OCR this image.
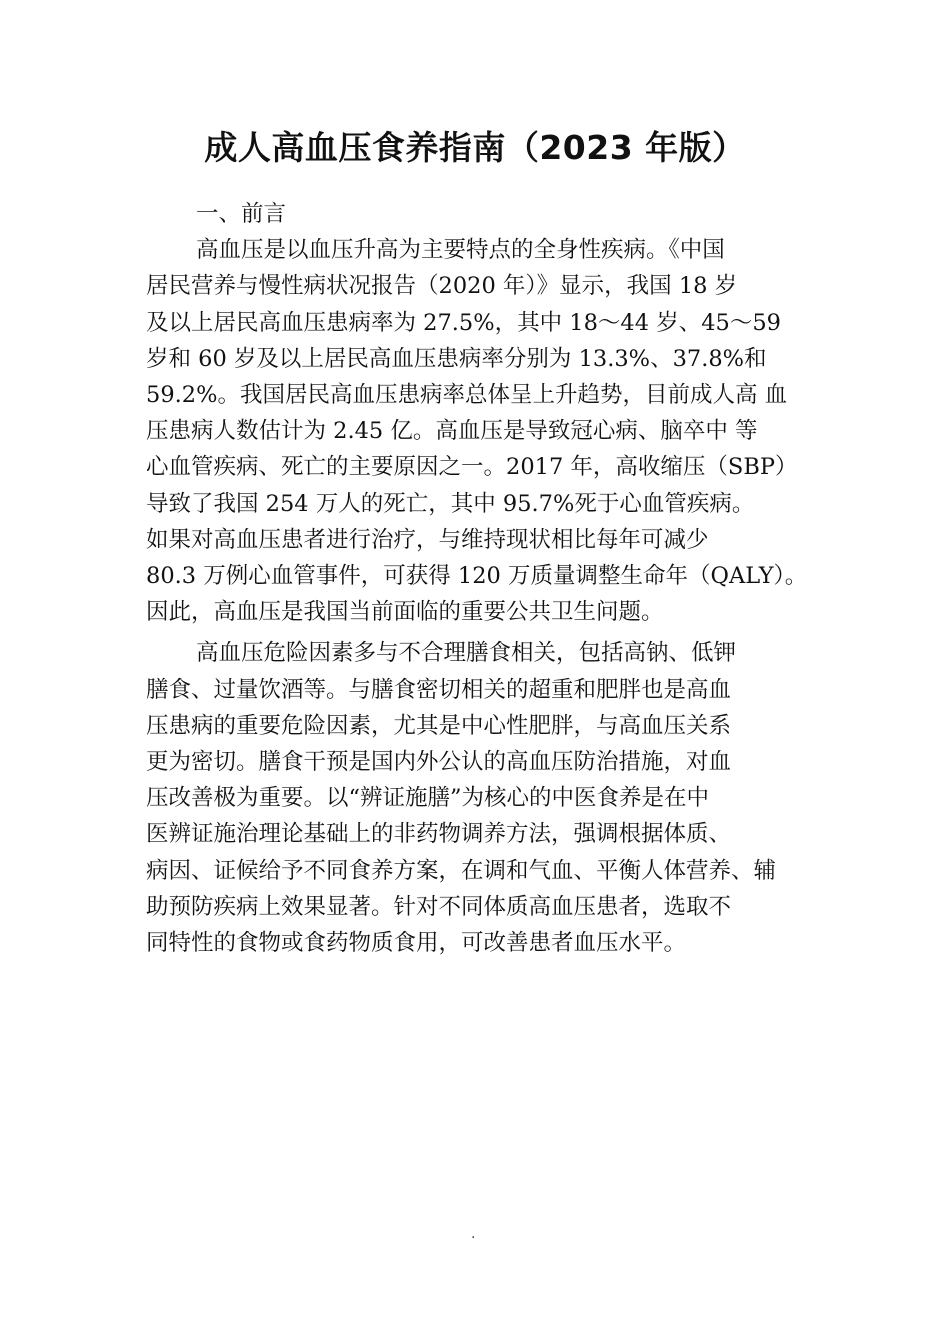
成人高血压食养指南（2023 年版）
一、前言
高血压是以血压升高为主要特点的全身性疾病。《中国
居民营养与慢性病状况报告（2020 年）》显示，我国 18 岁
及以上居民高血压患病率为 27.5%，其中 18～44 岁、45～59
岁和 60 岁及以上居民高血压患病率分别为 13.3%、37.8%和
59.2%。我国居民高血压患病率总体呈上升趋势，目前成人高 血
压患病人数估计为 2.45 亿。高血压是导致冠心病、脑卒中 等
心血管疾病、死亡的主要原因之一。2017 年，高收缩压（SBP）
导致了我国 254 万人的死亡，其中 95.7%死于心血管疾病。
如果对高血压患者进行治疗，与维持现状相比每年可减少
80.3 万例心血管事件，可获得 120 万质量调整生命年（QALY）。
因此，高血压是我国当前面临的重要公共卫生问题。
高血压危险因素多与不合理膳食相关，包括高钠、低钾
膳食、过量饮酒等。与膳食密切相关的超重和肥胖也是高血
压患病的重要危险因素，尤其是中心性肥胖，与高血压关系
更为密切。膳食干预是国内外公认的高血压防治措施，对血
压改善极为重要。以“辨证施膳”为核心的中医食养是在中
医辨证施治理论基础上的非药物调养方法，强调根据体质、
病因、证候给予不同食养方案，在调和气血、平衡人体营养、辅
助预防疾病上效果显著。针对不同体质高血压患者，选取不
同特性的食物或食药物质食用，可改善患者血压水平。
.
